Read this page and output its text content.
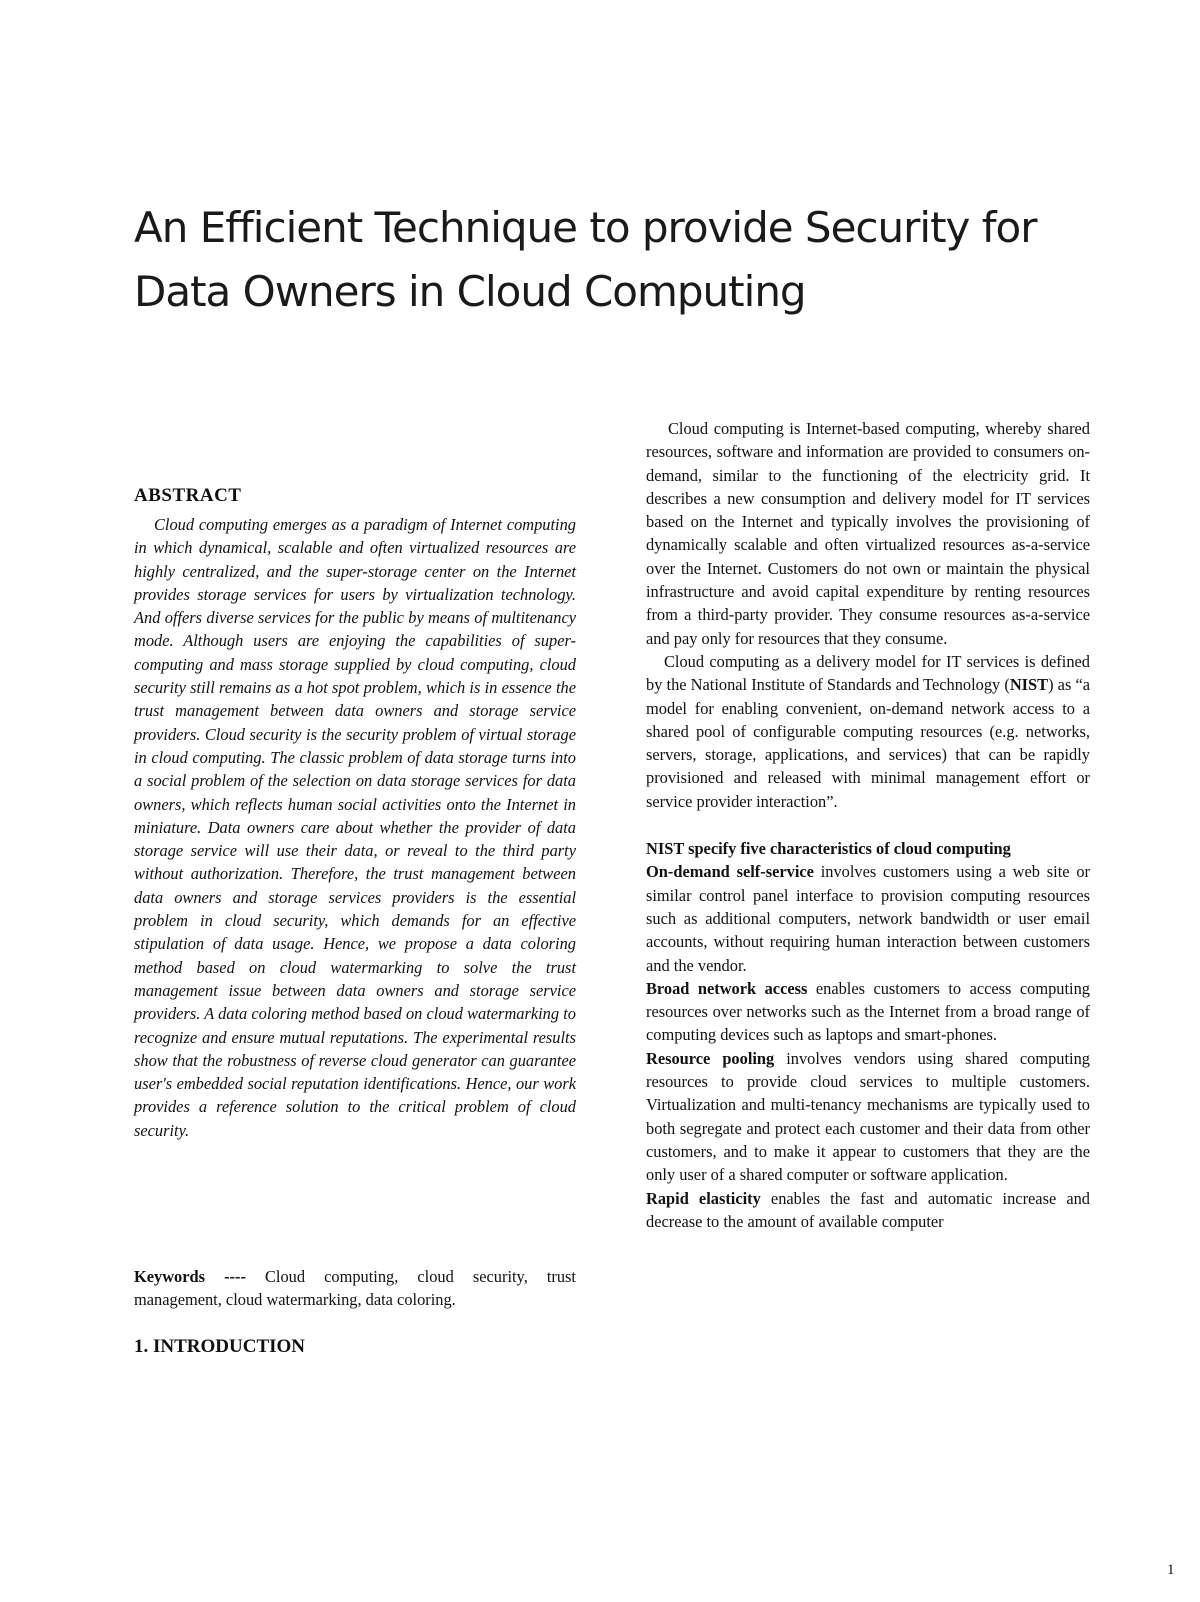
An Efficient Technique to provide Security for Data Owners in Cloud Computing
ABSTRACT

Cloud computing emerges as a paradigm of Internet computing in which dynamical, scalable and often virtualized resources are highly centralized, and the super-storage center on the Internet provides storage services for users by virtualization technology. And offers diverse services for the public by means of multitenancy mode. Although users are enjoying the capabilities of super-computing and mass storage supplied by cloud computing, cloud security still remains as a hot spot problem, which is in essence the trust management between data owners and storage service providers. Cloud security is the security problem of virtual storage in cloud computing. The classic problem of data storage turns into a social problem of the selection on data storage services for data owners, which reflects human social activities onto the Internet in miniature. Data owners care about whether the provider of data storage service will use their data, or reveal to the third party without authorization. Therefore, the trust management between data owners and storage services providers is the essential problem in cloud security, which demands for an effective stipulation of data usage. Hence, we propose a data coloring method based on cloud watermarking to solve the trust management issue between data owners and storage service providers. A data coloring method based on cloud watermarking to recognize and ensure mutual reputations. The experimental results show that the robustness of reverse cloud generator can guarantee user's embedded social reputation identifications. Hence, our work provides a reference solution to the critical problem of cloud security.

Keywords ---- Cloud computing, cloud security, trust management, cloud watermarking, data coloring.

1. INTRODUCTION

Cloud computing is Internet-based computing, whereby shared resources, software and information are provided to consumers on-demand, similar to the functioning of the electricity grid. It describes a new consumption and delivery model for IT services based on the Internet and typically involves the provisioning of dynamically scalable and often virtualized resources as-a-service over the Internet. Customers do not own or maintain the physical infrastructure and avoid capital expenditure by renting resources from a third-party provider. They consume resources as-a-service and pay only for resources that they consume.

Cloud computing as a delivery model for IT services is defined by the National Institute of Standards and Technology (NIST) as “a model for enabling convenient, on-demand network access to a shared pool of configurable computing resources (e.g. networks, servers, storage, applications, and services) that can be rapidly provisioned and released with minimal management effort or service provider interaction”.

NIST specify five characteristics of cloud computing

On-demand self-service involves customers using a web site or similar control panel interface to provision computing resources such as additional computers, network bandwidth or user email accounts, without requiring human interaction between customers and the vendor.

Broad network access enables customers to access computing resources over networks such as the Internet from a broad range of computing devices such as laptops and smart-phones.

Resource pooling involves vendors using shared computing resources to provide cloud services to multiple customers. Virtualization and multi-tenancy mechanisms are typically used to both segregate and protect each customer and their data from other customers, and to make it appear to customers that they are the only user of a shared computer or software application.

Rapid elasticity enables the fast and automatic increase and decrease to the amount of available computer

1
